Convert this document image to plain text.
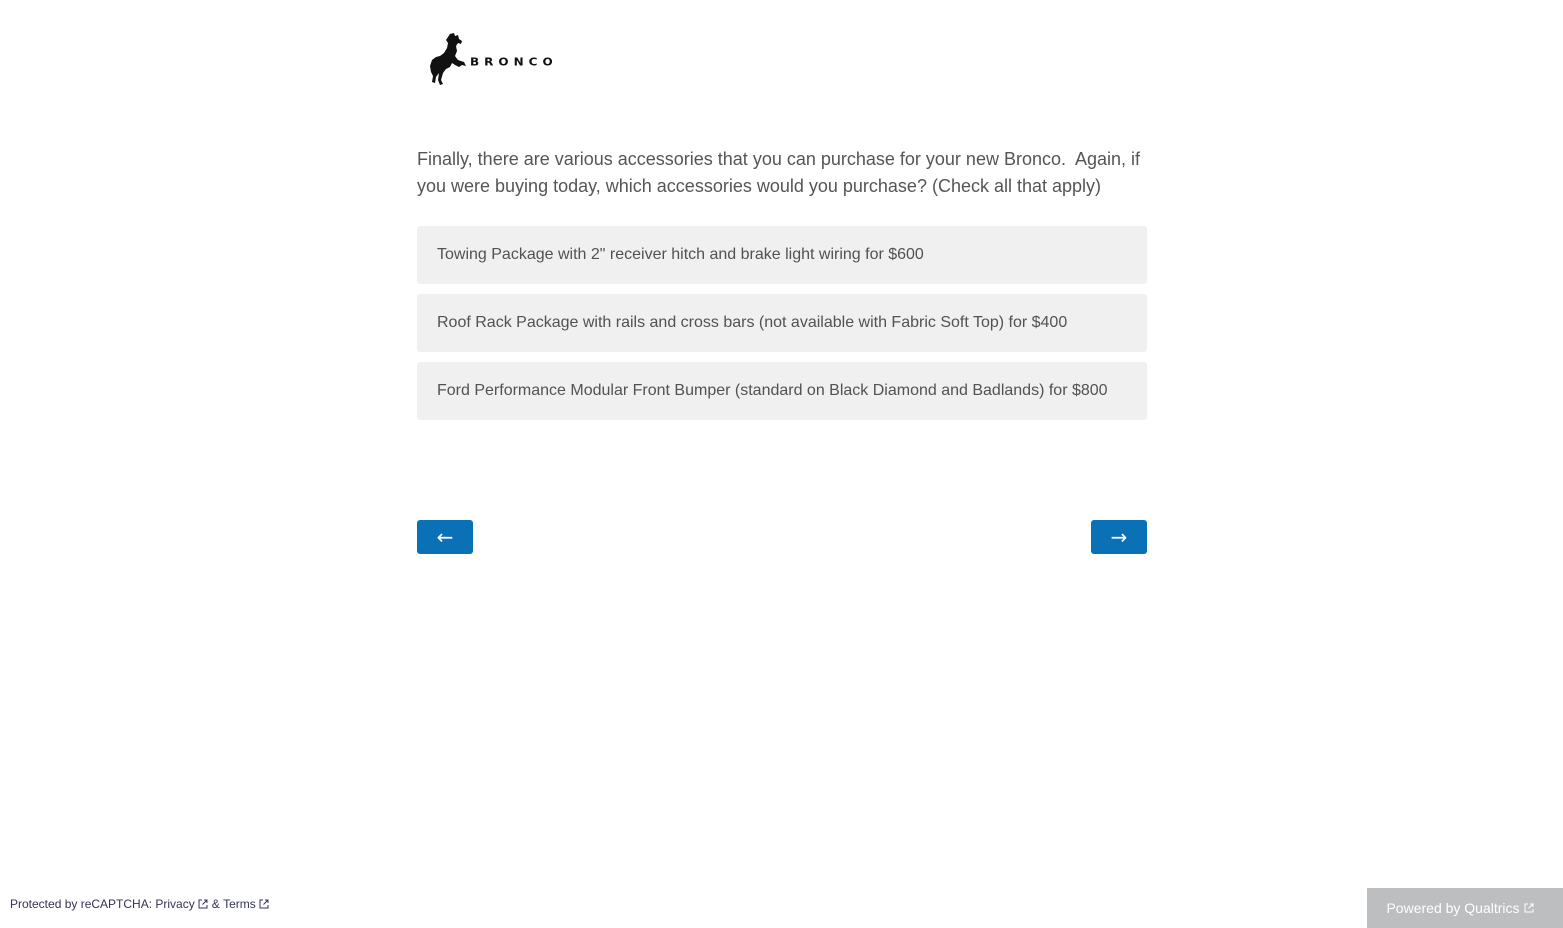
BRONCO
Finally, there are various accessories that you can purchase for your new Bronco.  Again, if you were buying today, which accessories would you purchase? (Check all that apply)
Towing Package with 2" receiver hitch and brake light wiring for $600
Roof Rack Package with rails and cross bars (not available with Fabric Soft Top) for $400
Ford Performance Modular Front Bumper (standard on Black Diamond and Badlands) for $800
←	→
Protected by reCAPTCHA: Privacy & Terms	Powered by Qualtrics
